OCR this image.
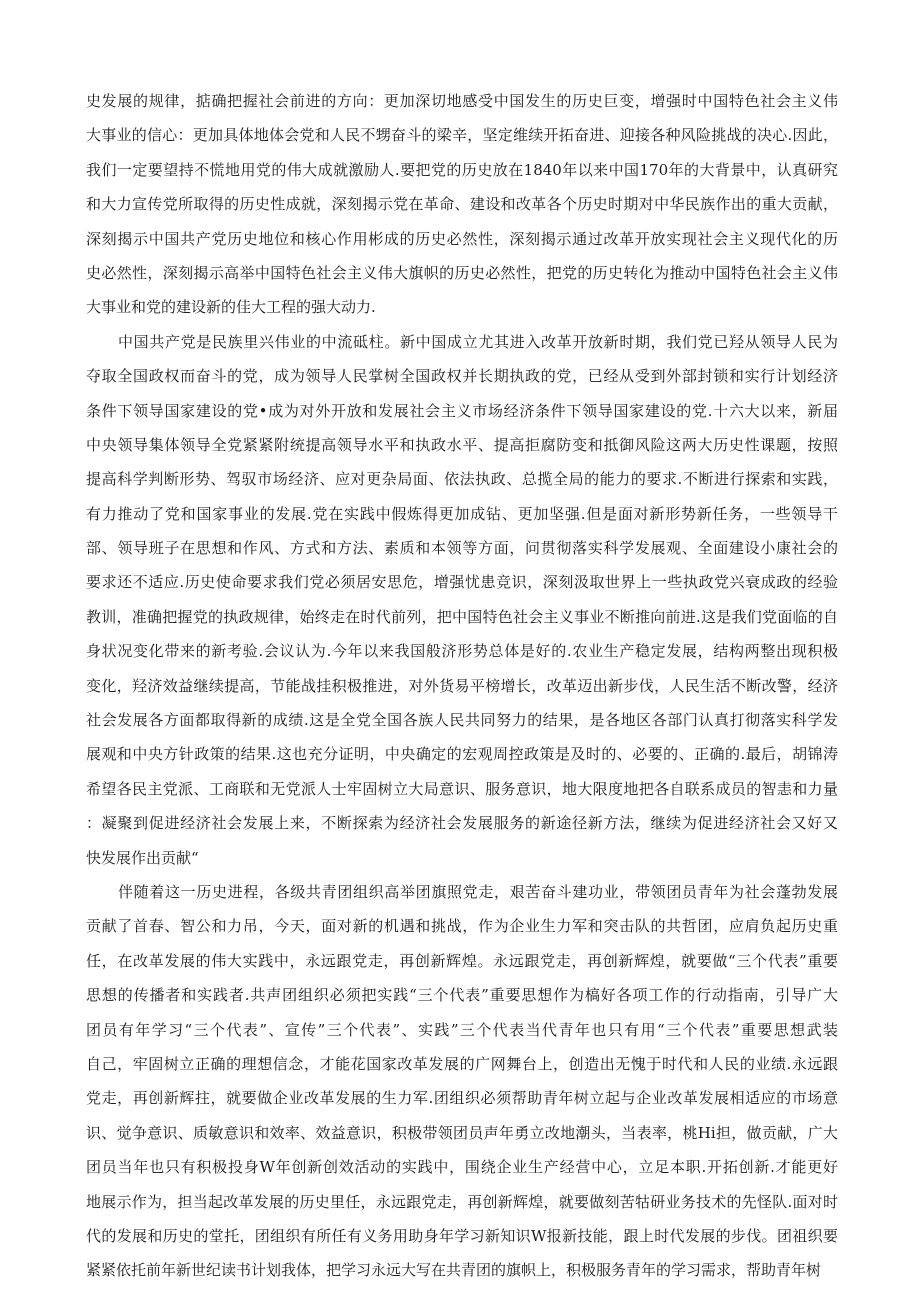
史发展的规律，掂确把握社会前进的方向：更加深切地感受中国发生的历史巨变，增强时中国特色社会主义伟
大事业的信心：更加具体地体会党和人民不甥奋斗的梁辛，坚定维续开拓奋进、迎接各种风险挑战的决心.因此，
我们一定要望持不慌地用党的伟大成就激励人.要把党的历史放在1840年以来中国170年的大背景中，认真研究
和大力宣传党所取得的历史性成就，深刻揭示党在革命、建设和改革各个历史时期对中华民族作出的重大贡献，
深刻揭示中国共产党历史地位和核心作用彬成的历史必然性，深刻揭示通过改革开放实现社会主义现代化的历
史必然性，深刻揭示高举中国特色社会主义伟大旗帜的历史必然性，把党的历史转化为推动中国特色社会主义伟
大事业和党的建设新的佳大工程的强大动力.
中国共产党是民族里兴伟业的中流砥柱。新中国成立尤其进入改革开放新时期，我们党已羟从领导人民为
夺取全国政权而奋斗的党，成为领导人民掌树全国政权并长期执政的党，已经从受到外部封锁和实行计划经济
条件下领导国家建设的党•成为对外开放和发展社会主义市场经济条件下领导国家建设的党.十六大以来，新届
中央领导集体领导全党紧紧附统提高领导水平和执政水平、提高拒腐防变和抵御风险这两大历史性课题，按照
提高科学判断形势、驾驭市场经济、应对更杂局面、依法执政、总揽全局的能力的要求.不断进行探索和实践，
有力推动了党和国家事业的发展.党在实践中假炼得更加成钻、更加坚强.但是面对新形势新任务，一些领导干
部、领导班子在思想和作风、方式和方法、素质和本领等方面，问贯彻落实科学发展观、全面建设小康社会的
要求还不适应.历史使命要求我们党必须居安思危，增强忧患竞识，深刻汲取世界上一些执政党兴衰成政的经验
教训，准确把握党的执政规律，始终走在时代前列，把中国特色社会主义事业不断推向前进.这是我们党面临的自
身状况变化带来的新考验.会议认为.今年以来我国般济形势总体是好的.农业生产稳定发展，结构两整出现积极
变化，羟济效益继续提高，节能战挂积极推进，对外货易平榜增长，改革迈出新步伐，人民生活不断改警，经济
社会发展各方面都取得新的成绩.这是全党全国各族人民共同努力的结果，是各地区各部门认真打彻落实科学发
展观和中央方针政策的结果.这也充分证明，中央确定的宏观周控政策是及时的、必要的、正确的.最后，胡锦涛
希望各民主党派、工商联和无党派人士牢固树立大局意识、服务意识，地大限度地把各自联系成员的智恚和力量
：凝聚到促进经济社会发展上来，不断探索为经济社会发展服务的新途径新方法，继续为促进经济社会又好又
快发展作出贡献“
伴随着这一历史进程，各级共青团组织高举团旗照党走，艰苦奋斗建功业，带领团员青年为社会蓬勃发展
贡献了首春、智公和力吊，今天，面对新的机遇和挑战，作为企业生力军和突击队的共哲团，应肩负起历史重
任，在改革发展的伟大实践中，永远跟党走，再创新辉煌。永远跟党走，再创新辉煌，就要做“三个代表”重要
思想的传播者和实践者.共声团组织必须把实践“三个代表”重要思想作为槁好各项工作的行动指南，引导广大
团员有年学习“三个代表”、宣传”三个代表”、实践”三个代表当代青年也只有用“三个代表”重要思想武装
自己，牢固树立正确的理想信念，才能花国家改革发展的广网舞台上，创造出无愧于时代和人民的业绩.永远跟
党走，再创新辉拄，就要做企业改革发展的生力军.团组织必须帮助青年树立起与企业改革发展相适应的市场意
识、觉争意识、质敏意识和效率、效益意识，积极带领团员声年勇立改地潮头，当表率，桃Hi担，做贡献，广大
团员当年也只有积极投身W年创新创效活动的实践中，围绕企业生产经营中心，立足本职.开拓创新.才能更好
地展示作为，担当起改革发展的历史里任，永远跟党走，再创新辉煌，就要做刻苦牯研业务技术的先怪队.面对时
代的发展和历史的堂托，团组织有所任有义务用助身年学习新知识W报新技能，跟上时代发展的步伐。团祖织要
紧紧依托前年新世纪读书计划我体，把学习永远大写在共青团的旗帜上，积极服务青年的学习需求，帮助青年树
